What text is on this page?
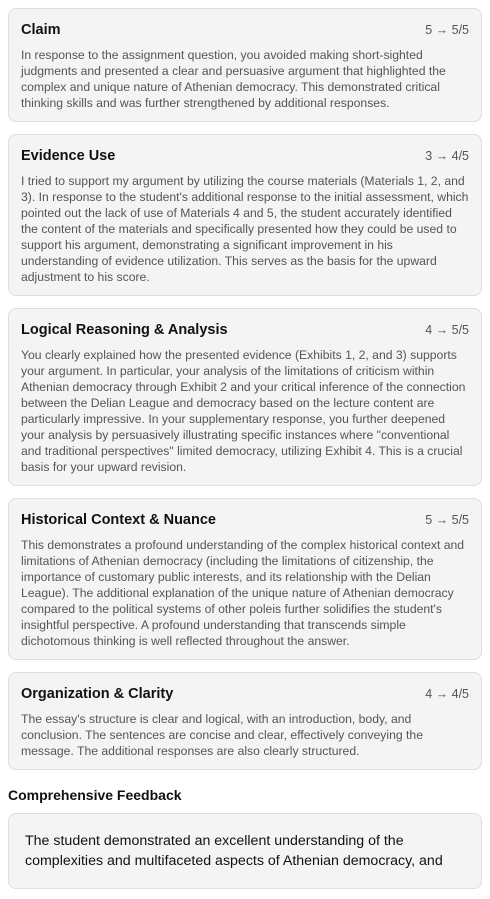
Claim	5 → 5/5
In response to the assignment question, you avoided making short-sighted judgments and presented a clear and persuasive argument that highlighted the complex and unique nature of Athenian democracy. This demonstrated critical thinking skills and was further strengthened by additional responses.
Evidence Use	3 → 4/5
I tried to support my argument by utilizing the course materials (Materials 1, 2, and 3). In response to the student's additional response to the initial assessment, which pointed out the lack of use of Materials 4 and 5, the student accurately identified the content of the materials and specifically presented how they could be used to support his argument, demonstrating a significant improvement in his understanding of evidence utilization. This serves as the basis for the upward adjustment to his score.
Logical Reasoning & Analysis	4 → 5/5
You clearly explained how the presented evidence (Exhibits 1, 2, and 3) supports your argument. In particular, your analysis of the limitations of criticism within Athenian democracy through Exhibit 2 and your critical inference of the connection between the Delian League and democracy based on the lecture content are particularly impressive. In your supplementary response, you further deepened your analysis by persuasively illustrating specific instances where "conventional and traditional perspectives" limited democracy, utilizing Exhibit 4. This is a crucial basis for your upward revision.
Historical Context & Nuance	5 → 5/5
This demonstrates a profound understanding of the complex historical context and limitations of Athenian democracy (including the limitations of citizenship, the importance of customary public interests, and its relationship with the Delian League). The additional explanation of the unique nature of Athenian democracy compared to the political systems of other poleis further solidifies the student's insightful perspective. A profound understanding that transcends simple dichotomous thinking is well reflected throughout the answer.
Organization & Clarity	4 → 4/5
The essay's structure is clear and logical, with an introduction, body, and conclusion. The sentences are concise and clear, effectively conveying the message. The additional responses are also clearly structured.
Comprehensive Feedback
The student demonstrated an excellent understanding of the complexities and multifaceted aspects of Athenian democracy, and
